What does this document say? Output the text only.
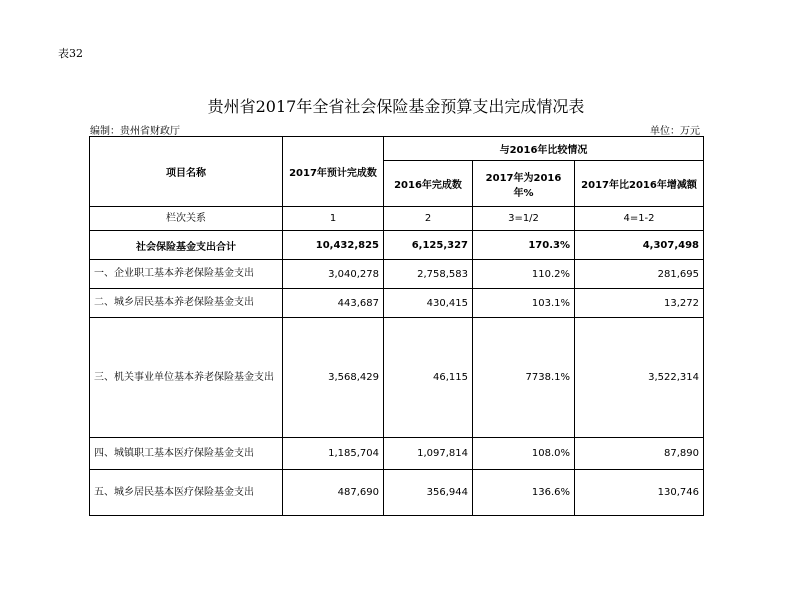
表32
贵州省2017年全省社会保险基金预算支出完成情况表
编制：贵州省财政厅	单位：万元
项目名称	2017年预计完成数	与2016年比较情况		
		2016年完成数	2017年为2016年%	2017年比2016年增减额
栏次关系	1	2	3=1/2	4=1-2
社会保险基金支出合计	10,432,825	6,125,327	170.3%	4,307,498
一、企业职工基本养老保险基金支出	3,040,278	2,758,583	110.2%	281,695
二、城乡居民基本养老保险基金支出	443,687	430,415	103.1%	13,272
三、机关事业单位基本养老保险基金支出	3,568,429	46,115	7738.1%	3,522,314
四、城镇职工基本医疗保险基金支出	1,185,704	1,097,814	108.0%	87,890
五、城乡居民基本医疗保险基金支出	487,690	356,944	136.6%	130,746
